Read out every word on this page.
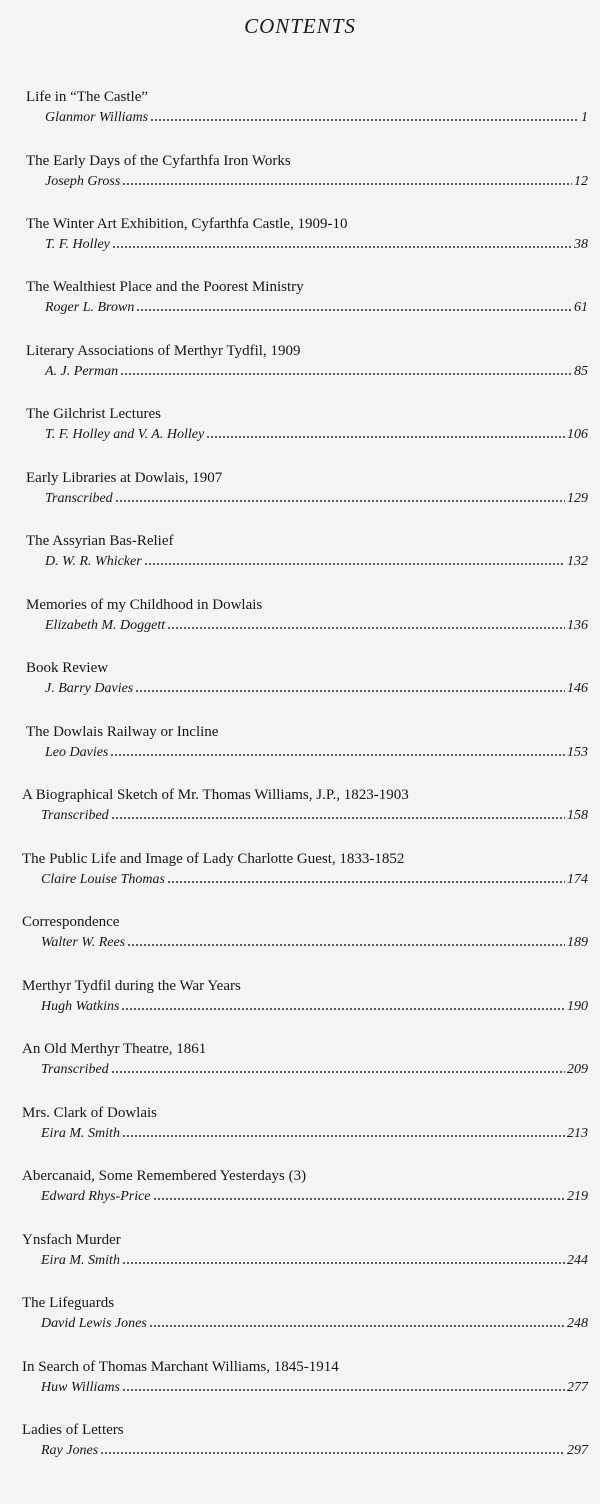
CONTENTS
Life in “The Castle”
Glanmor Williams	1
The Early Days of the Cyfarthfa Iron Works
Joseph Gross	12
The Winter Art Exhibition, Cyfarthfa Castle, 1909-10
T. F. Holley	38
The Wealthiest Place and the Poorest Ministry
Roger L. Brown	61
Literary Associations of Merthyr Tydfil, 1909
A. J. Perman	85
The Gilchrist Lectures
T. F. Holley and V. A. Holley	106
Early Libraries at Dowlais, 1907
Transcribed	129
The Assyrian Bas-Relief
D. W. R. Whicker	132
Memories of my Childhood in Dowlais
Elizabeth M. Doggett	136
Book Review
J. Barry Davies	146
The Dowlais Railway or Incline
Leo Davies	153
A Biographical Sketch of Mr. Thomas Williams, J.P., 1823-1903
Transcribed	158
The Public Life and Image of Lady Charlotte Guest, 1833-1852
Claire Louise Thomas	174
Correspondence
Walter W. Rees	189
Merthyr Tydfil during the War Years
Hugh Watkins	190
An Old Merthyr Theatre, 1861
Transcribed	209
Mrs. Clark of Dowlais
Eira M. Smith	213
Abercanaid, Some Remembered Yesterdays (3)
Edward Rhys-Price	219
Ynsfach Murder
Eira M. Smith	244
The Lifeguards
David Lewis Jones	248
In Search of Thomas Marchant Williams, 1845-1914
Huw Williams	277
Ladies of Letters
Ray Jones	297
